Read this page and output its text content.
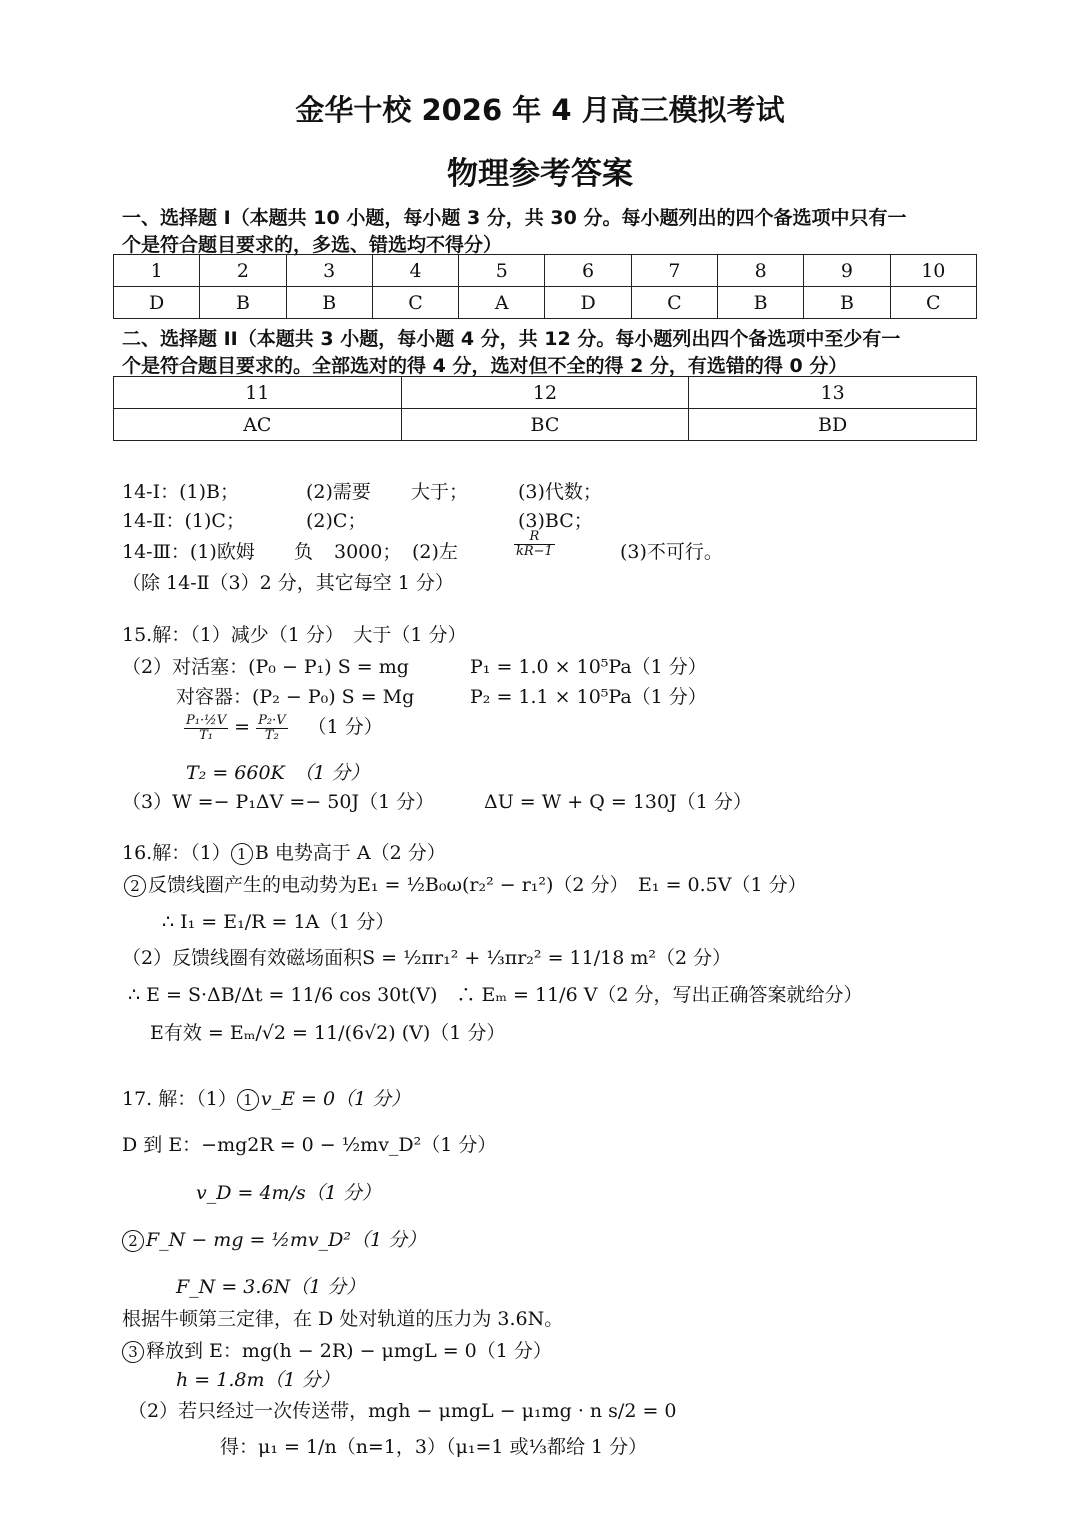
金华十校 2026 年 4 月高三模拟考试
物理参考答案
一、选择题 I（本题共 10 小题，每小题 3 分，共 30 分。每小题列出的四个备选项中只有一
个是符合题目要求的，多选、错选均不得分）
1	2	3	4	5	6	7	8	9	10
D	B	B	C	A	D	C	B	B	C
二、选择题 II（本题共 3 小题，每小题 4 分，共 12 分。每小题列出四个备选项中至少有一
个是符合题目要求的。全部选对的得 4 分，选对但不全的得 2 分，有选错的得 0 分）
11	12	13
AC	BC	BD
14-Ⅰ：(1)B；	(2)需要 大于；	(3)代数；
14-Ⅱ：(1)C；	(2)C；	(3)BC；
14-Ⅲ：(1)欧姆 负 3000； (2)左	$\frac{R}{kR-1}$	(3)不可行。
（除 14-Ⅱ（3）2 分，其它每空 1 分）
15.解：（1）减少（1 分）　大于（1 分）
（2）对活塞：(P₀ − P₁) S = mg	P₁ = 1.0 × 10⁵Pa（1 分）
对容器：(P₂ − P₀) S = Mg	P₂ = 1.1 × 10⁵Pa（1 分）
$\frac{\text{P₁·½V}}{\text{T₁}} = \frac{\text{P₂·V}}{\text{T₂}} (1$ 分）
T₂ = 660K　（1 分）
（3）W =− P₁ΔV =− 50J（1 分）	ΔU = W + Q = 130J（1 分）
16.解：（1） 1 B 电势高于 A（2 分）
2 反馈线圈产生的电动势为E₁ = ½B₀ω(r₂² − r₁²)（2 分）　E₁ = 0.5V（1 分）
∴ I₁ = E₁/R = 1A（1 分）
（2）反馈线圈有效磁场面积S = ½πr₁² + ⅓πr₂² = 11/18 m²（2 分）
∴ E = S·ΔB/Δt = 11/6 cos 30t(V)　∴ Eₘ = 11/6 V（2 分，写出正确答案就给分）
E有效 = Eₘ/√2 = 11/(6√2) (V)（1 分）
17. 解：（1） 1 v_E = 0（1 分）
D 到 E：−mg2R = 0 − ½mv_D²（1 分）
v_D = 4m/s（1 分）
2 F_N − mg = ½mv_D²（1 分）
F_N = 3.6N（1 分）
根据牛顿第三定律，在 D 处对轨道的压力为 3.6N。
3 释放到 E：mg(h − 2R) − μmgL = 0（1 分）
h = 1.8m（1 分）
（2）若只经过一次传送带，mgh − μmgL − μ₁mg · n s/2 = 0
得：μ₁ = 1/n（n=1，3）（μ₁=1 或⅓都给 1 分）
